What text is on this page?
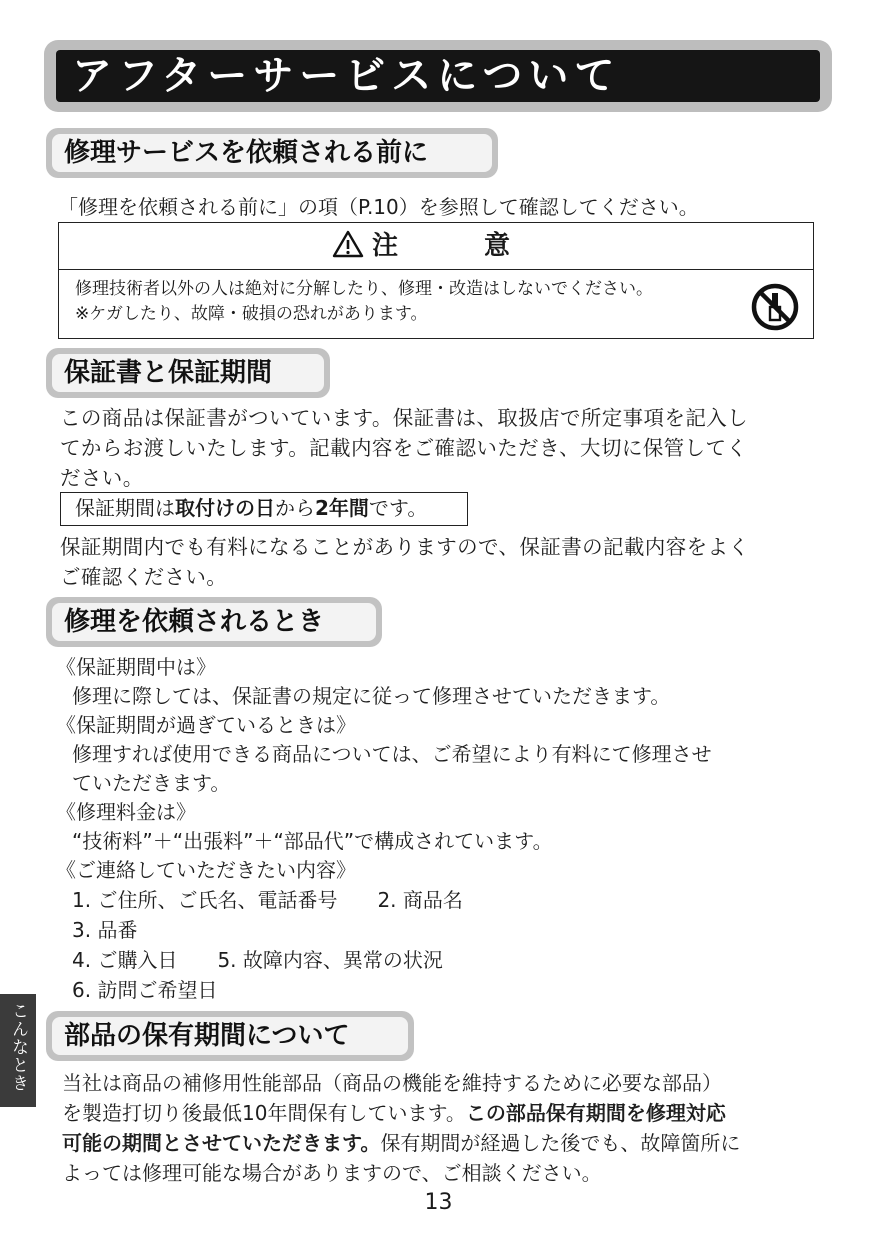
アフターサービスについて
修理サービスを依頼される前に
「修理を依頼される前に」の項（P.10）を参照して確認してください。
注　意
修理技術者以外の人は絶対に分解したり、修理・改造はしないでください。
※ケガしたり、故障・破損の恐れがあります。
保証書と保証期間
この商品は保証書がついています。保証書は、取扱店で所定事項を記入し
てからお渡しいたします。記載内容をご確認いただき、大切に保管してく
ださい。
保証期間は取付けの日から2年間です。
保証期間内でも有料になることがありますので、保証書の記載内容をよく
ご確認ください。
修理を依頼されるとき
《保証期間中は》
修理に際しては、保証書の規定に従って修理させていただきます。
《保証期間が過ぎているときは》
修理すれば使用できる商品については、ご希望により有料にて修理させ
ていただきます。
《修理料金は》
“技術料”＋“出張料”＋“部品代”で構成されています。
《ご連絡していただきたい内容》
1. ご住所、ご氏名、電話番号　　2. 商品名
3. 品番
4. ご購入日　　5. 故障内容、異常の状況
6. 訪問ご希望日
部品の保有期間について
当社は商品の補修用性能部品（商品の機能を維持するために必要な部品）
を製造打切り後最低10年間保有しています。この部品保有期間を修理対応
可能の期間とさせていただきます。保有期間が経過した後でも、故障箇所に
よっては修理可能な場合がありますので、ご相談ください。
こんなとき
13
